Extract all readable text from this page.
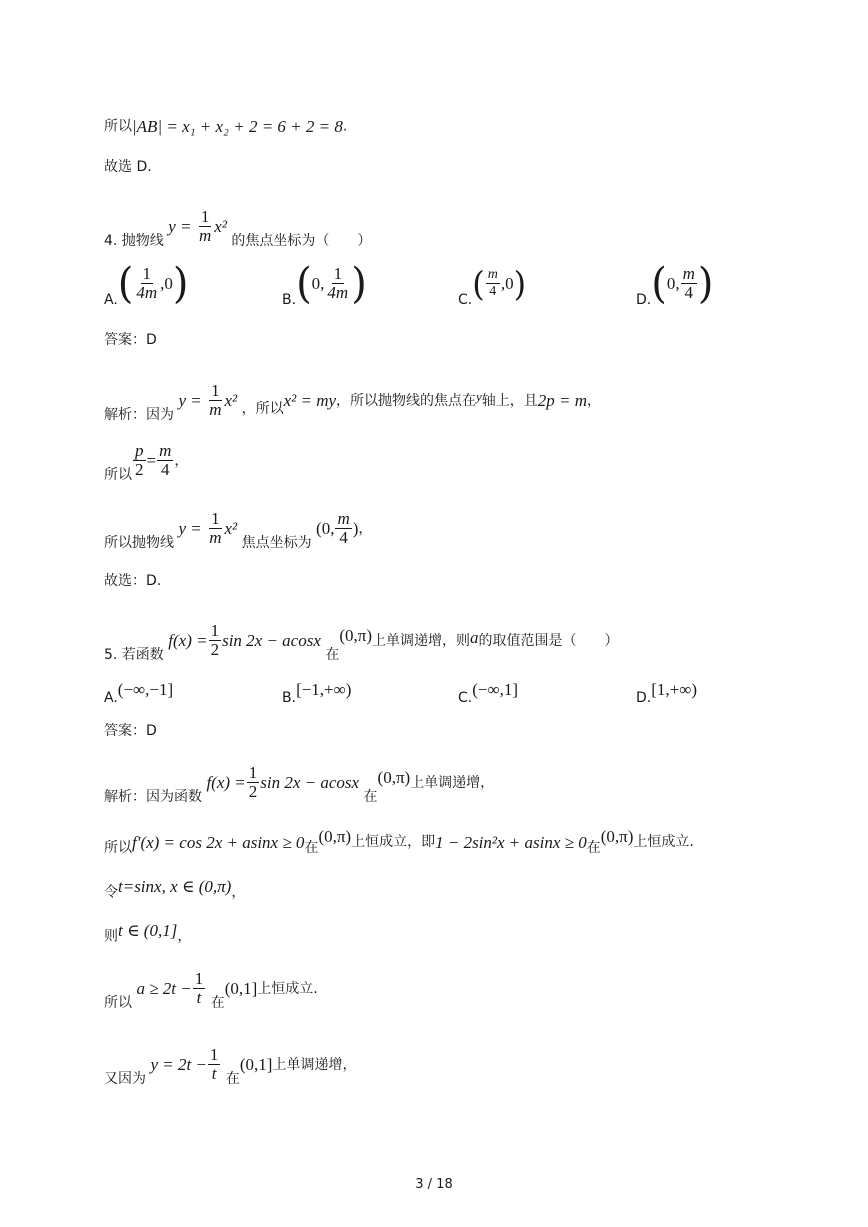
所以|AB| = x₁ + x₂ + 2 = 6 + 2 = 8.
故选 D.
4. 抛物线 $y = \frac{1}{m} x^2$ 的焦点坐标为（　　）
$A.( \frac{1}{4m} ,0)$	B.(0, $\frac{1}{4m}$ )	$C.( \frac{m}{4} ,0)$	D.(0, $\frac{m}{4}$ )
答案：D
解析：因为 $y = \frac{1}{m} x^2$ ，所以x² = my，所以抛物线的焦点在y轴上，且2p = m，
所以 $\frac{p}{2} = \frac{m}{4}$ ，
所以抛物线 $y = \frac{1}{m} x^2$ 焦点坐标为 (0, $\frac{m}{4}$ )，
故选：D.
5. 若函数 $f(x) = \frac{1}{2}$ sin 2x − acosx 在(0,π)上单调递增，则a的取值范围是（　　）
A.(−∞,−1]	B.[−1,+∞)	C.(−∞,1]	D.[1,+∞)
答案：D
解析：因为函数 $f(x) = \frac{1}{2}$ sin 2x − acosx 在(0,π)上单调递增，
所以f′(x) = cos 2x + asinx ≥ 0在(0,π)上恒成立，即1 − 2sin²x + asinx ≥ 0在(0,π)上恒成立.
令t=sinx, x ∈ (0,π)，
则t ∈ (0,1]，
所以 $a \ge 2t - \frac{1}{t}$ 在(0,1]上恒成立.
又因为 $y = 2t - \frac{1}{t}$ 在(0,1]上单调递增，
3 / 18
